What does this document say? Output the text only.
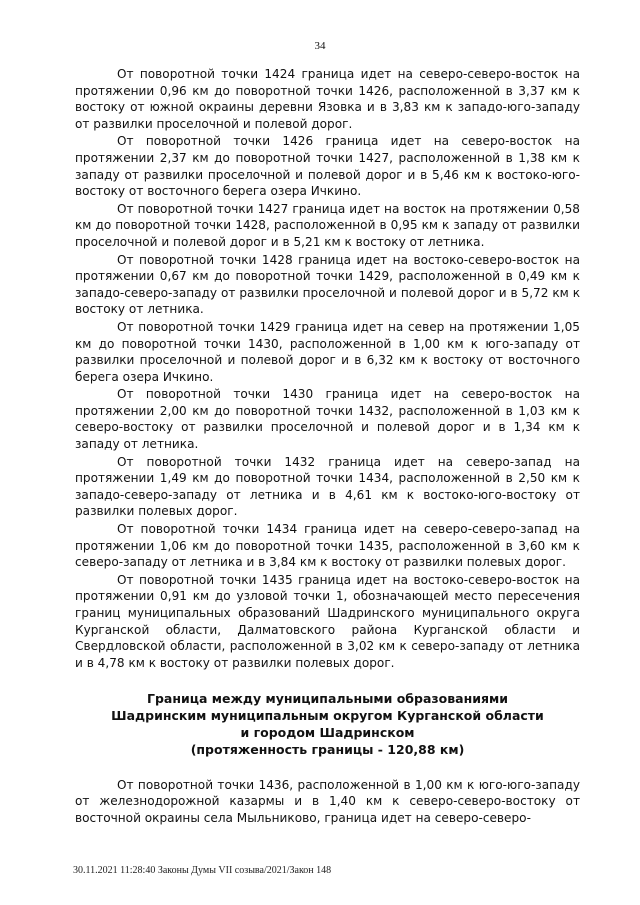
34

От поворотной точки 1424 граница идет на северо-северо-восток на протяжении 0,96 км до поворотной точки 1426, расположенной в 3,37 км к востоку от южной окраины деревни Язовка и в 3,83 км к западо-юго-западу от развилки проселочной и полевой дорог.

От поворотной точки 1426 граница идет на северо-восток на протяжении 2,37 км до поворотной точки 1427, расположенной в 1,38 км к западу от развилки проселочной и полевой дорог и в 5,46 км к востоко-юго-востоку от восточного берега озера Ичкино.

От поворотной точки 1427 граница идет на восток на протяжении 0,58 км до поворотной точки 1428, расположенной в 0,95 км к западу от развилки проселочной и полевой дорог и в 5,21 км к востоку от летника.

От поворотной точки 1428 граница идет на востоко-северо-восток на протяжении 0,67 км до поворотной точки 1429, расположенной в 0,49 км к западо-северо-западу от развилки проселочной и полевой дорог и в 5,72 км к востоку от летника.

От поворотной точки 1429 граница идет на север на протяжении 1,05 км до поворотной точки 1430, расположенной в 1,00 км к юго-западу от развилки проселочной и полевой дорог и в 6,32 км к востоку от восточного берега озера Ичкино.

От поворотной точки 1430 граница идет на северо-восток на протяжении 2,00 км до поворотной точки 1432, расположенной в 1,03 км к северо-востоку от развилки проселочной и полевой дорог и в 1,34 км к западу от летника.

От поворотной точки 1432 граница идет на северо-запад на протяжении 1,49 км до поворотной точки 1434, расположенной в 2,50 км к западо-северо-западу от летника и в 4,61 км к востоко-юго-востоку от развилки полевых дорог.

От поворотной точки 1434 граница идет на северо-северо-запад на протяжении 1,06 км до поворотной точки 1435, расположенной в 3,60 км к северо-западу от летника и в 3,84 км к востоку от развилки полевых дорог.

От поворотной точки 1435 граница идет на востоко-северо-восток на протяжении 0,91 км до узловой точки 1, обозначающей место пересечения границ муниципальных образований Шадринского муниципального округа Курганской области, Далматовского района Курганской области и Свердловской области, расположенной в 3,02 км к северо-западу от летника и в 4,78 км к востоку от развилки полевых дорог.

Граница между муниципальными образованиями
Шадринским муниципальным округом Курганской области
и городом Шадринском
(протяженность границы - 120,88 км)

От поворотной точки 1436, расположенной в 1,00 км к юго-юго-западу от железнодорожной казармы и в 1,40 км к северо-северо-востоку от восточной окраины села Мыльниково, граница идет на северо-северо-

30.11.2021 11:28:40 Законы Думы VII созыва/2021/Закон 148
